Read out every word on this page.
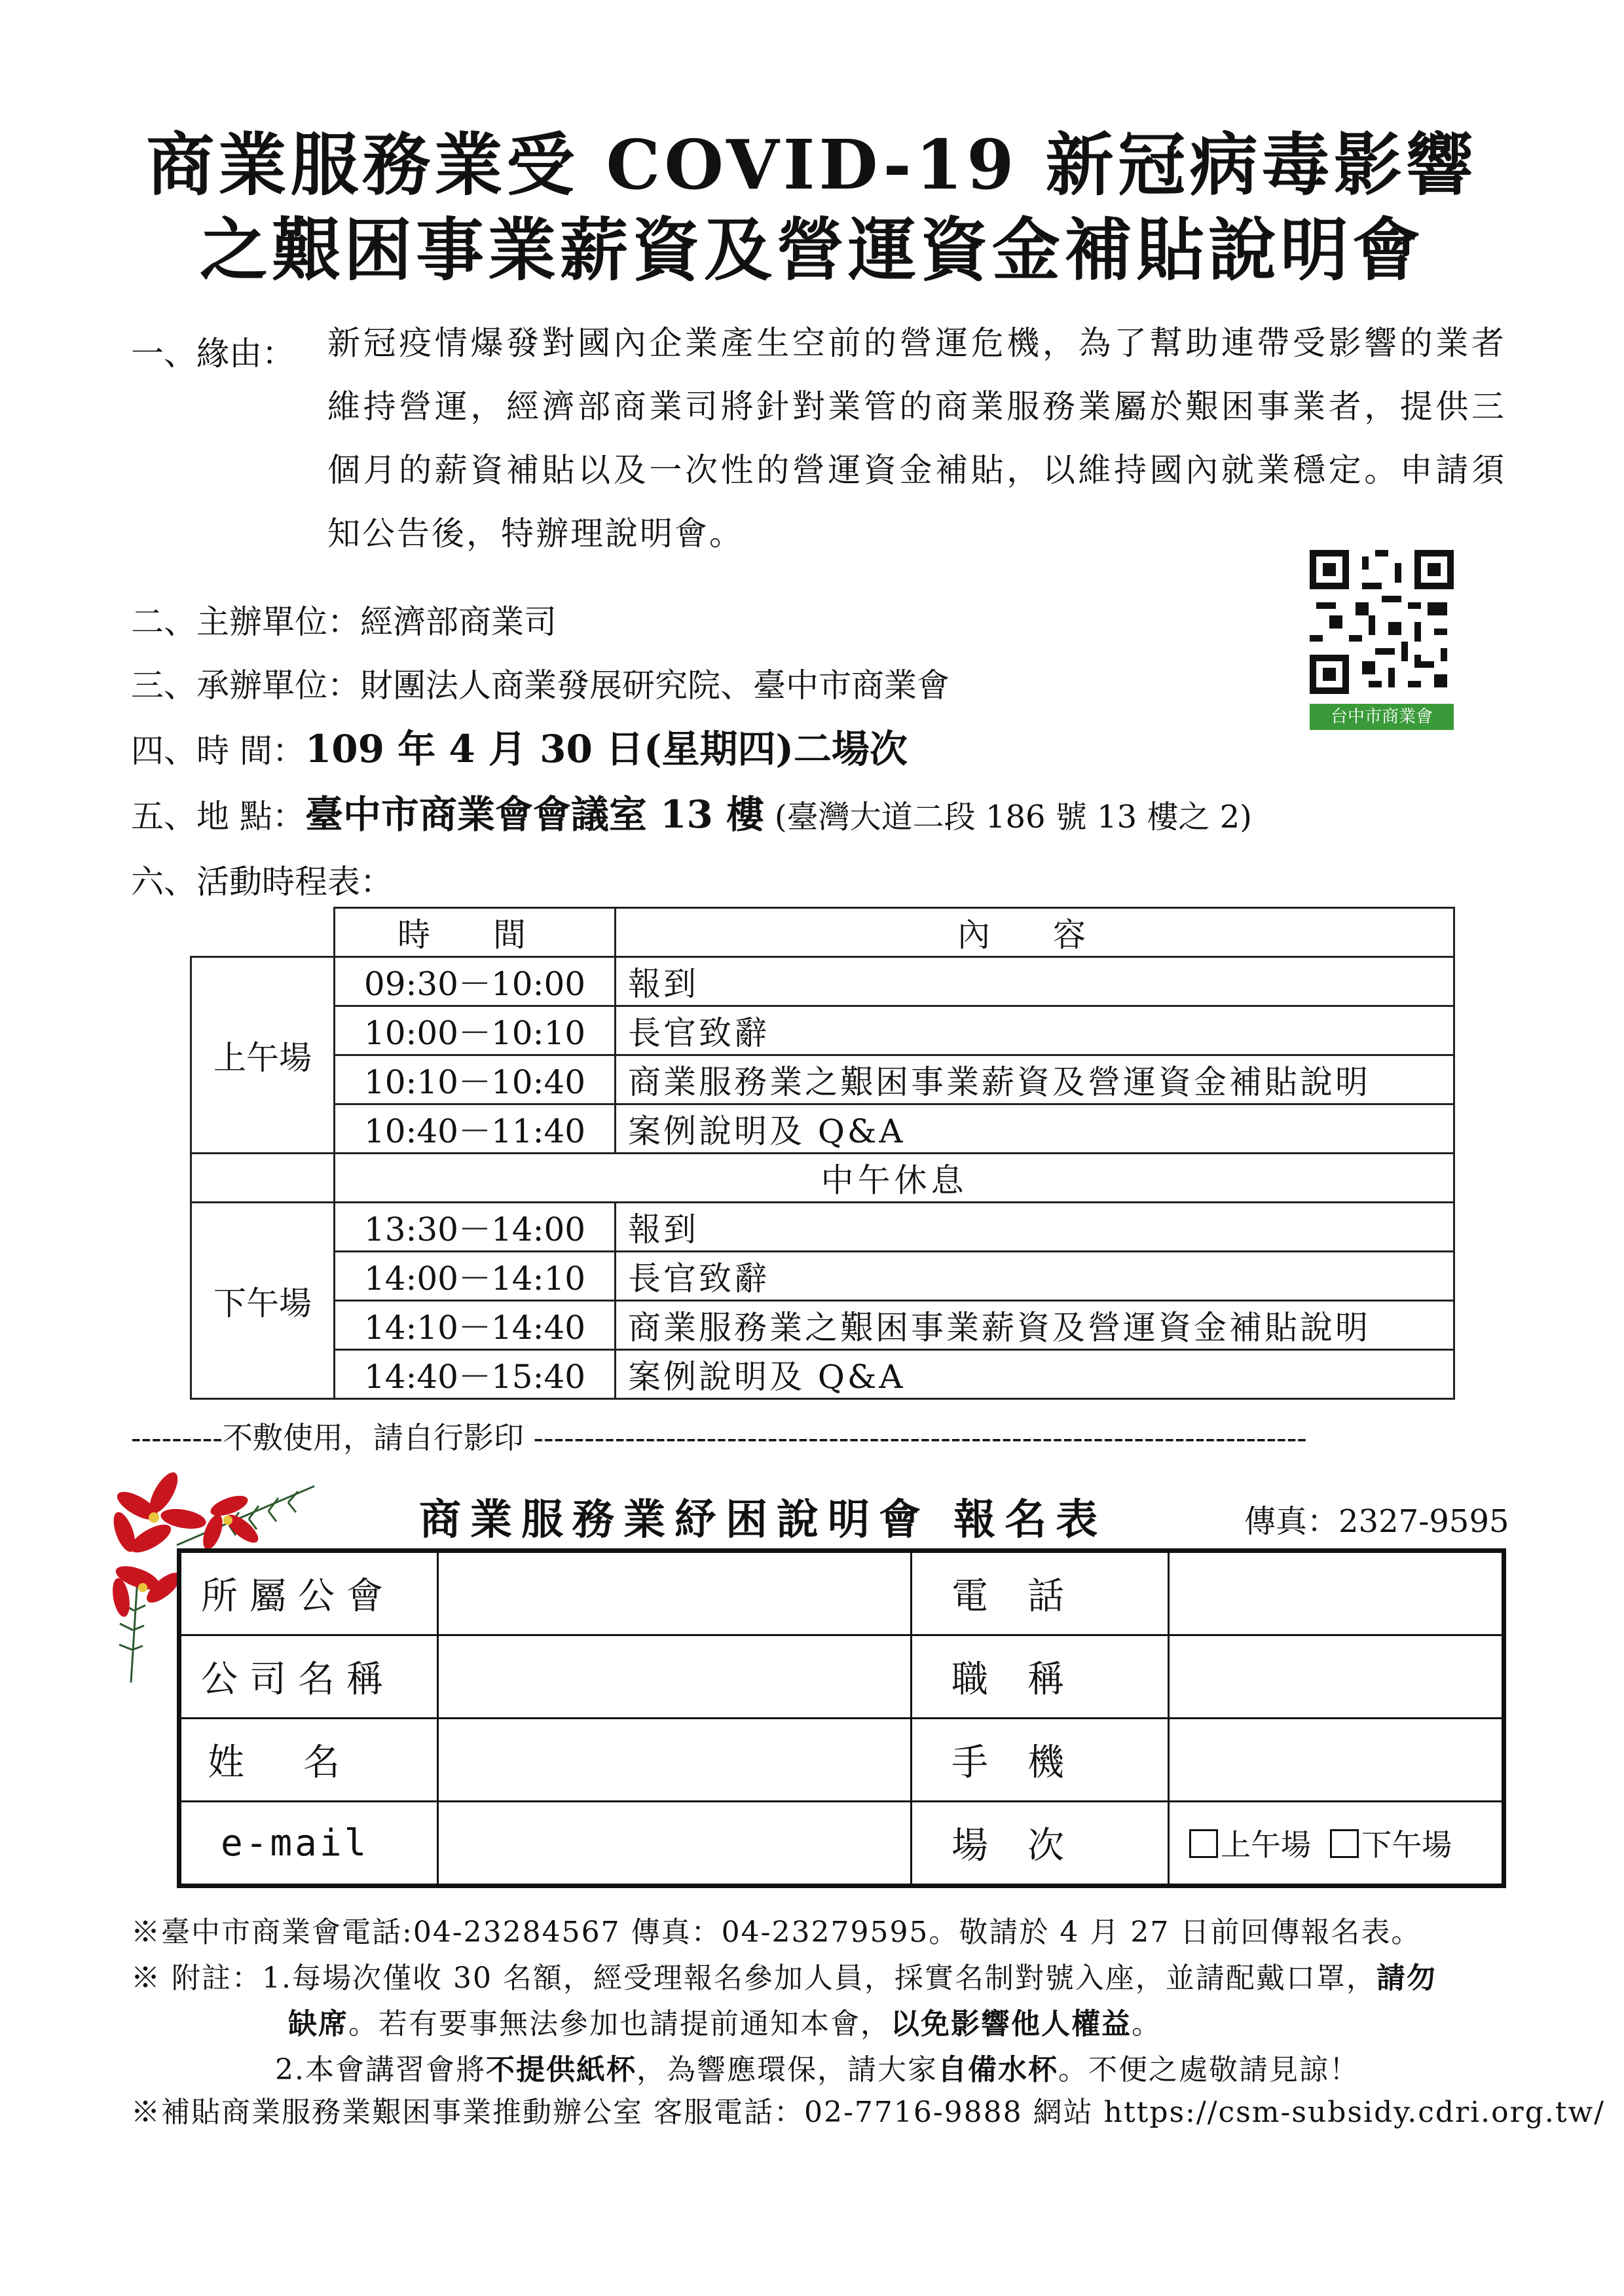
商業服務業受 COVID-19 新冠病毒影響
之艱困事業薪資及營運資金補貼說明會
一、緣由： 新冠疫情爆發對國內企業產生空前的營運危機，為了幫助連帶受影響的業者維持營運，經濟部商業司將針對業管的商業服務業屬於艱困事業者，提供三個月的薪資補貼以及一次性的營運資金補貼，以維持國內就業穩定。申請須知公告後，特辦理說明會。
台中市商業會
二、主辦單位：經濟部商業司
三、承辦單位：財團法人商業發展研究院、臺中市商業會
四、時 間：109 年 4 月 30 日(星期四)二場次
五、地 點：臺中市商業會會議室 13 樓 (臺灣大道二段 186 號 13 樓之 2)
六、活動時程表：
	時 間	內 容
上午場	09:30－10:00	報到
	10:00－10:10	長官致辭
	10:10－10:40	商業服務業之艱困事業薪資及營運資金補貼說明
	10:40－11:40	案例說明及 Q&A
	中午休息	
下午場	13:30－14:00	報到
	14:00－14:10	長官致辭
	14:10－14:40	商業服務業之艱困事業薪資及營運資金補貼說明
	14:40－15:40	案例說明及 Q&A
---------不敷使用，請自行影印 ----------------------------------------------------------------------------
商業服務業紓困說明會 報名表	傳真：2327-9595
所屬公會		電話	
公司名稱		職稱	
姓名		手機	
e-mail		場次	上午場 下午場
※臺中市商業會電話:04-23284567 傳真：04-23279595。敬請於 4 月 27 日前回傳報名表。
※ 附註：1.每場次僅收 30 名額，經受理報名參加人員，採實名制對號入座，並請配戴口罩，請勿
缺席。若有要事無法參加也請提前通知本會，以免影響他人權益。
2.本會講習會將不提供紙杯，為響應環保，請大家自備水杯。不便之處敬請見諒！
※補貼商業服務業艱困事業推動辦公室 客服電話：02-7716-9888 網站 https://csm-subsidy.cdri.org.tw/
